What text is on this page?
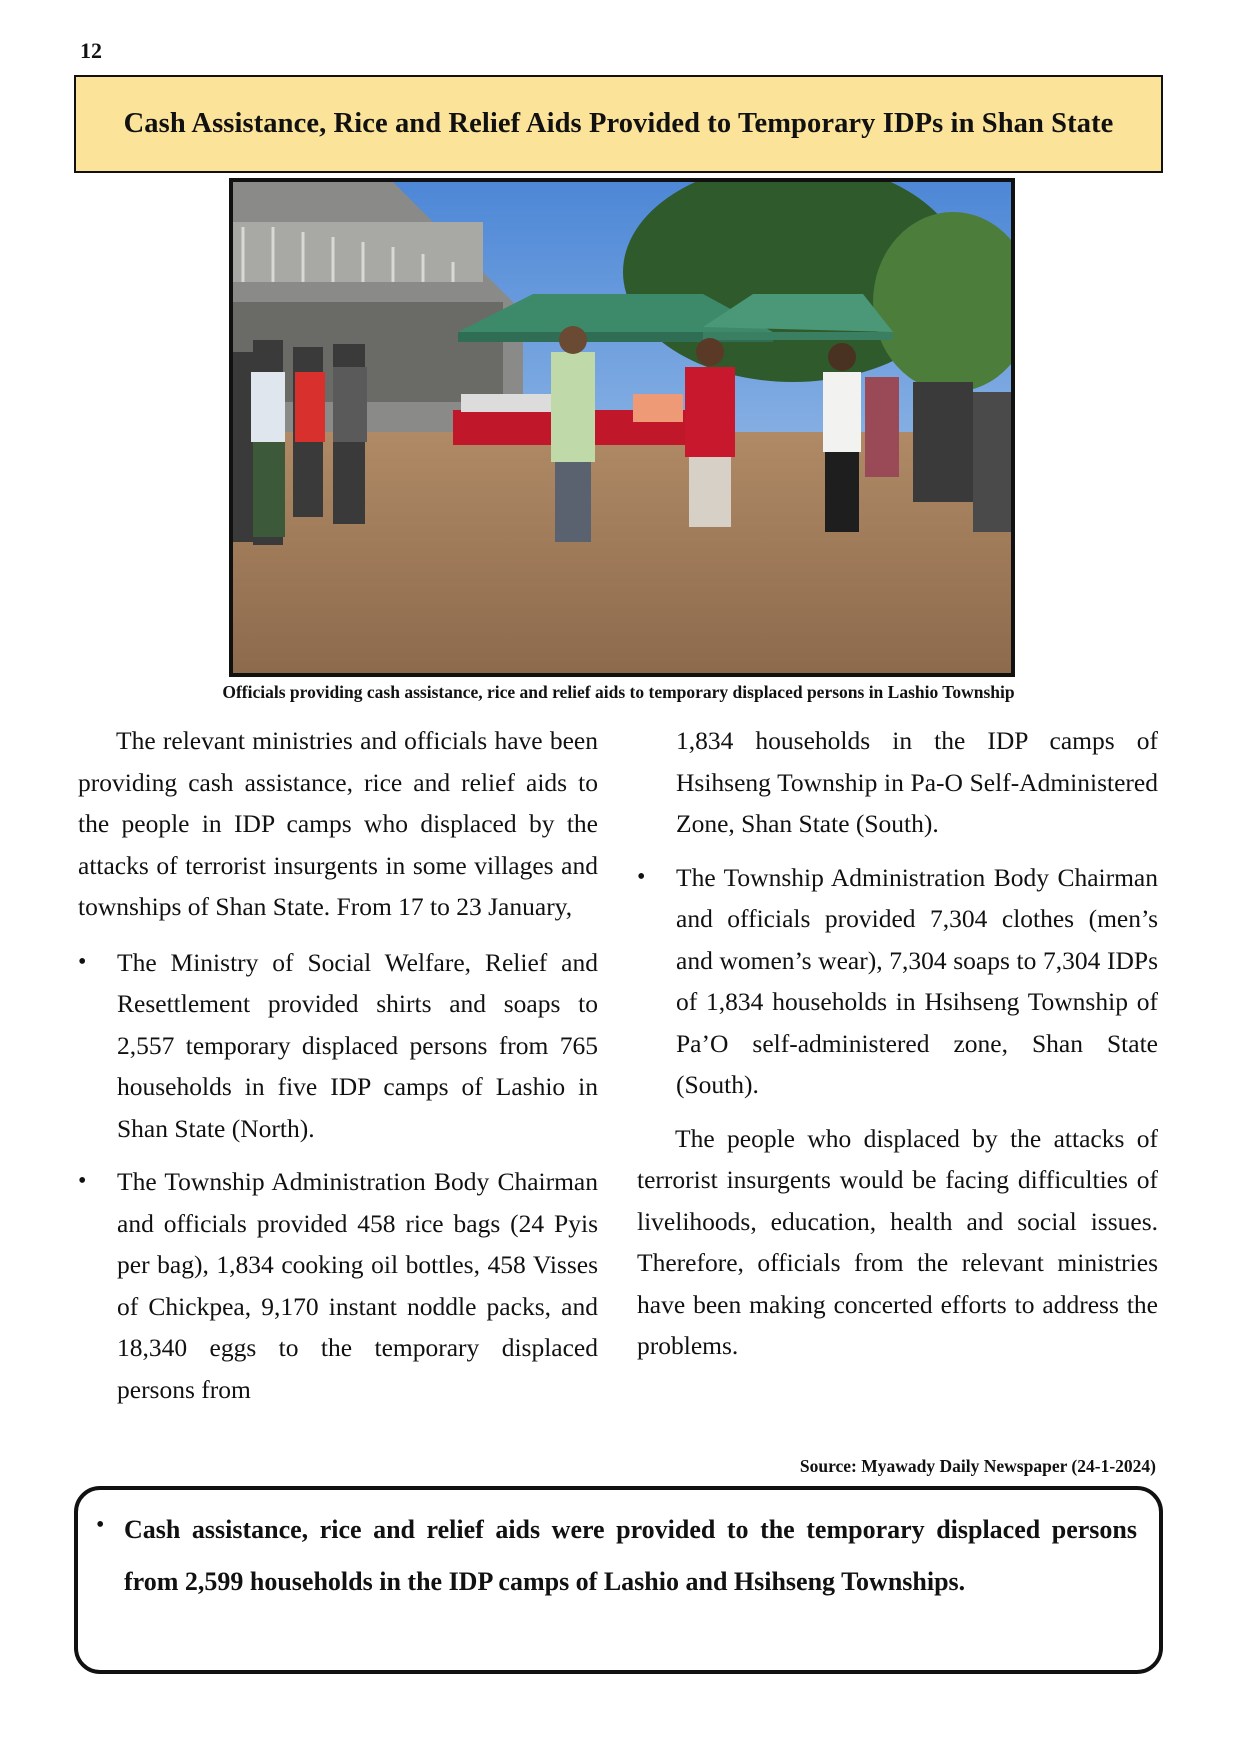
12
Cash Assistance, Rice and Relief Aids Provided to Temporary IDPs in Shan State
Officials providing cash assistance, rice and relief aids to temporary displaced persons in Lashio Township

The relevant ministries and officials have been providing cash assistance, rice and relief aids to the people in IDP camps who displaced by the attacks of terrorist insurgents in some villages and townships of Shan State. From 17 to 23 January,

• The Ministry of Social Welfare, Relief and Resettlement provided shirts and soaps to 2,557 temporary displaced persons from 765 households in five IDP camps of Lashio in Shan State (North).
• The Township Administration Body Chairman and officials provided 458 rice bags (24 Pyis per bag), 1,834 cooking oil bottles, 458 Visses of Chickpea, 9,170 instant noddle packs, and 18,340 eggs to the temporary displaced persons from

1,834 households in the IDP camps of Hsihseng Township in Pa-O Self-Administered Zone, Shan State (South).

• The Township Administration Body Chairman and officials provided 7,304 clothes (men’s and women’s wear), 7,304 soaps to 7,304 IDPs of 1,834 households in Hsihseng Township of Pa’O self-administered zone, Shan State (South).

The people who displaced by the attacks of terrorist insurgents would be facing difficulties of livelihoods, education, health and social issues. Therefore, officials from the relevant ministries have been making concerted efforts to address the problems.

Source: Myawady Daily Newspaper (24-1-2024)
• Cash assistance, rice and relief aids were provided to the temporary displaced persons from 2,599 households in the IDP camps of Lashio and Hsihseng Townships.
